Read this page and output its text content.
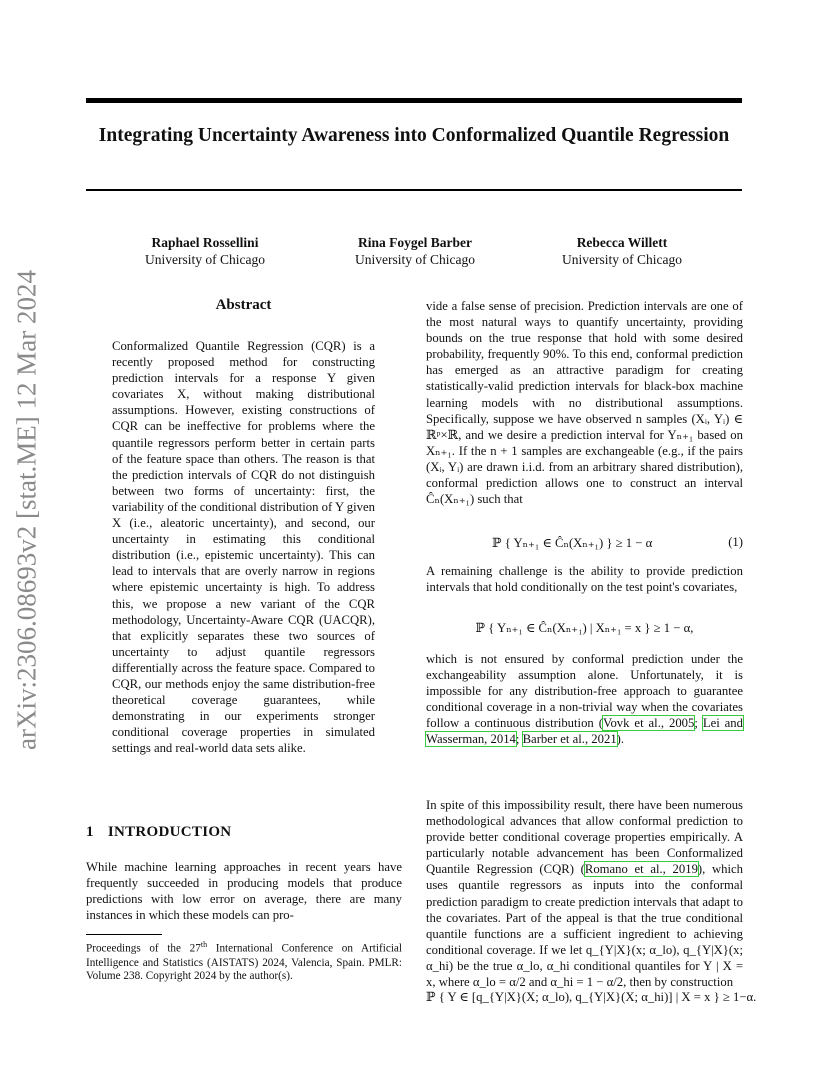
Integrating Uncertainty Awareness into Conformalized Quantile Regression
Raphael Rossellini
University of Chicago
Rina Foygel Barber
University of Chicago
Rebecca Willett
University of Chicago
arXiv:2306.08693v2 [stat.ME] 12 Mar 2024	Abstract
Conformalized Quantile Regression (CQR) is a recently proposed method for constructing prediction intervals for a response Y given covariates X, without making distributional assumptions. However, existing constructions of CQR can be ineffective for problems where the quantile regressors perform better in certain parts of the feature space than others. The reason is that the prediction intervals of CQR do not distinguish between two forms of uncertainty: first, the variability of the conditional distribution of Y given X (i.e., aleatoric uncertainty), and second, our uncertainty in estimating this conditional distribution (i.e., epistemic uncertainty). This can lead to intervals that are overly narrow in regions where epistemic uncertainty is high. To address this, we propose a new variant of the CQR methodology, Uncertainty-Aware CQR (UACQR), that explicitly separates these two sources of uncertainty to adjust quantile regressors differentially across the feature space. Compared to CQR, our methods enjoy the same distribution-free theoretical coverage guarantees, while demonstrating in our experiments stronger conditional coverage properties in simulated settings and real-world data sets alike.
1 INTRODUCTION
While machine learning approaches in recent years have frequently succeeded in producing models that produce predictions with low error on average, there are many instances in which these models can pro-
Proceedings of the 27th International Conference on Artificial Intelligence and Statistics (AISTATS) 2024, Valencia, Spain. PMLR: Volume 238. Copyright 2024 by the author(s).
vide a false sense of precision. Prediction intervals are one of the most natural ways to quantify uncertainty, providing bounds on the true response that hold with some desired probability, frequently 90%. To this end, conformal prediction has emerged as an attractive paradigm for creating statistically-valid prediction intervals for black-box machine learning models with no distributional assumptions. Specifically, suppose we have observed n samples (Xᵢ, Yᵢ) ∈ ℝᵖ×ℝ, and we desire a prediction interval for Yₙ₊₁ based on Xₙ₊₁. If the n + 1 samples are exchangeable (e.g., if the pairs (Xᵢ, Yᵢ) are drawn i.i.d. from an arbitrary shared distribution), conformal prediction allows one to construct an interval Ĉₙ(Xₙ₊₁) such that
ℙ { Yₙ₊₁ ∈ Ĉₙ(Xₙ₊₁) } ≥ 1 − α	(1)
A remaining challenge is the ability to provide prediction intervals that hold conditionally on the test point's covariates,
ℙ { Yₙ₊₁ ∈ Ĉₙ(Xₙ₊₁) | Xₙ₊₁ = x } ≥ 1 − α,
which is not ensured by conformal prediction under the exchangeability assumption alone. Unfortunately, it is impossible for any distribution-free approach to guarantee conditional coverage in a non-trivial way when the covariates follow a continuous distribution (Vovk et al., 2005; Lei and Wasserman, 2014; Barber et al., 2021).
In spite of this impossibility result, there have been numerous methodological advances that allow conformal prediction to provide better conditional coverage properties empirically. A particularly notable advancement has been Conformalized Quantile Regression (CQR) (Romano et al., 2019), which uses quantile regressors as inputs into the conformal prediction paradigm to create prediction intervals that adapt to the covariates. Part of the appeal is that the true conditional quantile functions are a sufficient ingredient to achieving conditional coverage. If we let q_{Y|X}(x; α_lo), q_{Y|X}(x; α_hi) be the true α_lo, α_hi conditional quantiles for Y | X = x, where α_lo = α/2 and α_hi = 1 − α/2, then by construction
ℙ { Y ∈ [q_{Y|X}(X; α_lo), q_{Y|X}(X; α_hi)] | X = x } ≥ 1−α.
